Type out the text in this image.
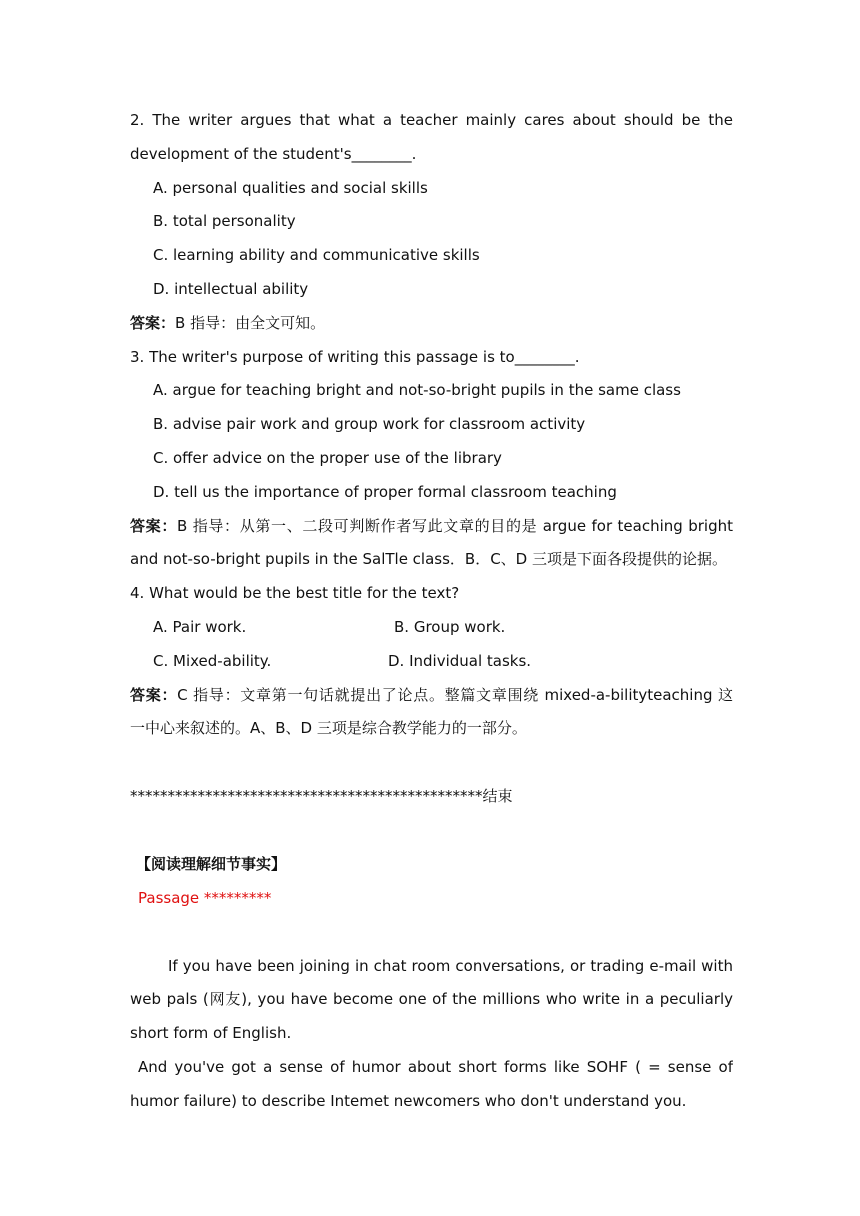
2. The writer argues that what a teacher mainly cares about should be the
development of the student's________.
A. personal qualities and social skills
B. total personality
C. learning ability and communicative skills
D. intellectual ability
答案：B 指导：由全文可知。
3. The writer's purpose of writing this passage is to________.
A. argue for teaching bright and not-so-bright pupils in the same class
B. advise pair work and group work for classroom activity
C. offer advice on the proper use of the library
D. tell us the importance of proper formal classroom teaching
答案：B 指导：从第一、二段可判断作者写此文章的目的是 argue for teaching bright
and not-so-bright pupils in the SalTle class．B．C、D 三项是下面各段提供的论据。
4. What would be the best title for the text?
A. Pair work.	B. Group work.
C. Mixed-ability.	D. Individual tasks.
答案：C 指导：文章第一句话就提出了论点。整篇文章围绕 mixed-a-bilityteaching 这
一中心来叙述的。A、B、D 三项是综合教学能力的一部分。
***********************************************结束
【阅读理解细节事实】
Passage *********
If you have been joining in chat room conversations, or trading e-mail with
web pals (网友), you have become one of the millions who write in a peculiarly
short form of English.
And you've got a sense of humor about short forms like SOHF ( = sense of
humor failure) to describe Intemet newcomers who don't understand you.
